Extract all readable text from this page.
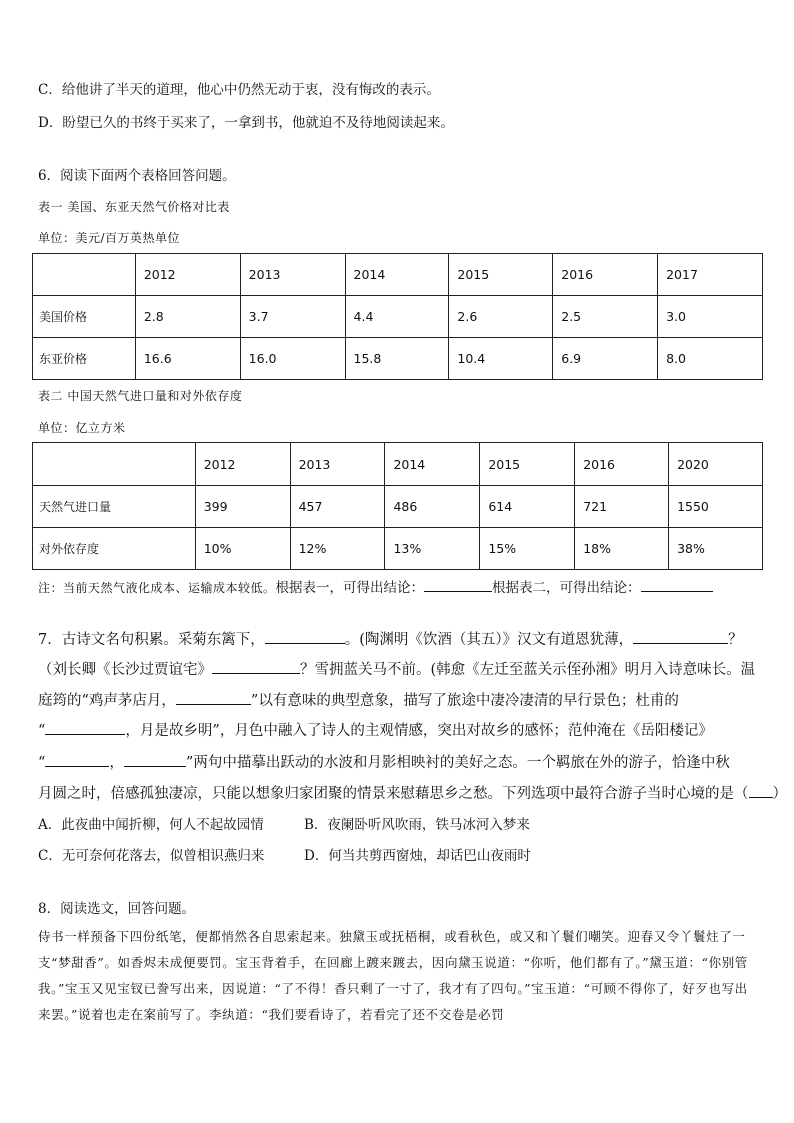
C．给他讲了半天的道理，他心中仍然无动于衷，没有悔改的表示。
D．盼望已久的书终于买来了，一拿到书，他就迫不及待地阅读起来。
6．阅读下面两个表格回答问题。
表一 美国、东亚天然气价格对比表
单位：美元/百万英热单位
	2012	2013	2014	2015	2016	2017
美国价格	2.8	3.7	4.4	2.6	2.5	3.0
东亚价格	16.6	16.0	15.8	10.4	6.9	8.0
表二 中国天然气进口量和对外依存度
单位：亿立方米
	2012	2013	2014	2015	2016	2020
天然气进口量	399	457	486	614	721	1550
对外依存度	10%	12%	13%	15%	18%	38%
注：当前天然气液化成本、运输成本较低。根据表一，可得出结论：	根据表二，可得出结论：
7．古诗文名句积累。采菊东篱下，	。(陶渊明《饮酒（其五）》汉文有道恩犹薄，	？
（刘长卿《长沙过贾谊宅》	？雪拥蓝关马不前。(韩愈《左迁至蓝关示侄孙湘》明月入诗意味长。温
庭筠的“鸡声茅店月，	”以有意味的典型意象，描写了旅途中凄冷凄清的早行景色；杜甫的
“	，月是故乡明”，月色中融入了诗人的主观情感，突出对故乡的感怀；范仲淹在《岳阳楼记》
“	，	”两句中描摹出跃动的水波和月影相映衬的美好之态。一个羁旅在外的游子，恰逢中秋
月圆之时，倍感孤独凄凉，只能以想象归家团聚的情景来慰藉思乡之愁。下列选项中最符合游子当时心境的是（ ）
A．此夜曲中闻折柳，何人不起故园情	B．夜阑卧听风吹雨，铁马冰河入梦来
C．无可奈何花落去，似曾相识燕归来	D．何当共剪西窗烛，却话巴山夜雨时
8．阅读选文，回答问题。
侍书一样预备下四份纸笔，便都悄然各自思索起来。独黛玉或抚梧桐，或看秋色，或又和丫鬟们嘲笑。迎春又令丫鬟炷了一支“梦甜香”。如香烬未成便要罚。宝玉背着手，在回廊上踱来踱去，因向黛玉说道：“你听，他们都有了。”黛玉道：“你别管我。”宝玉又见宝钗已誊写出来，因说道：“了不得！香只剩了一寸了，我才有了四句。”宝玉道：“可顾不得你了，好歹也写出来罢。”说着也走在案前写了。李纨道：“我们要看诗了，若看完了还不交卷是必罚
